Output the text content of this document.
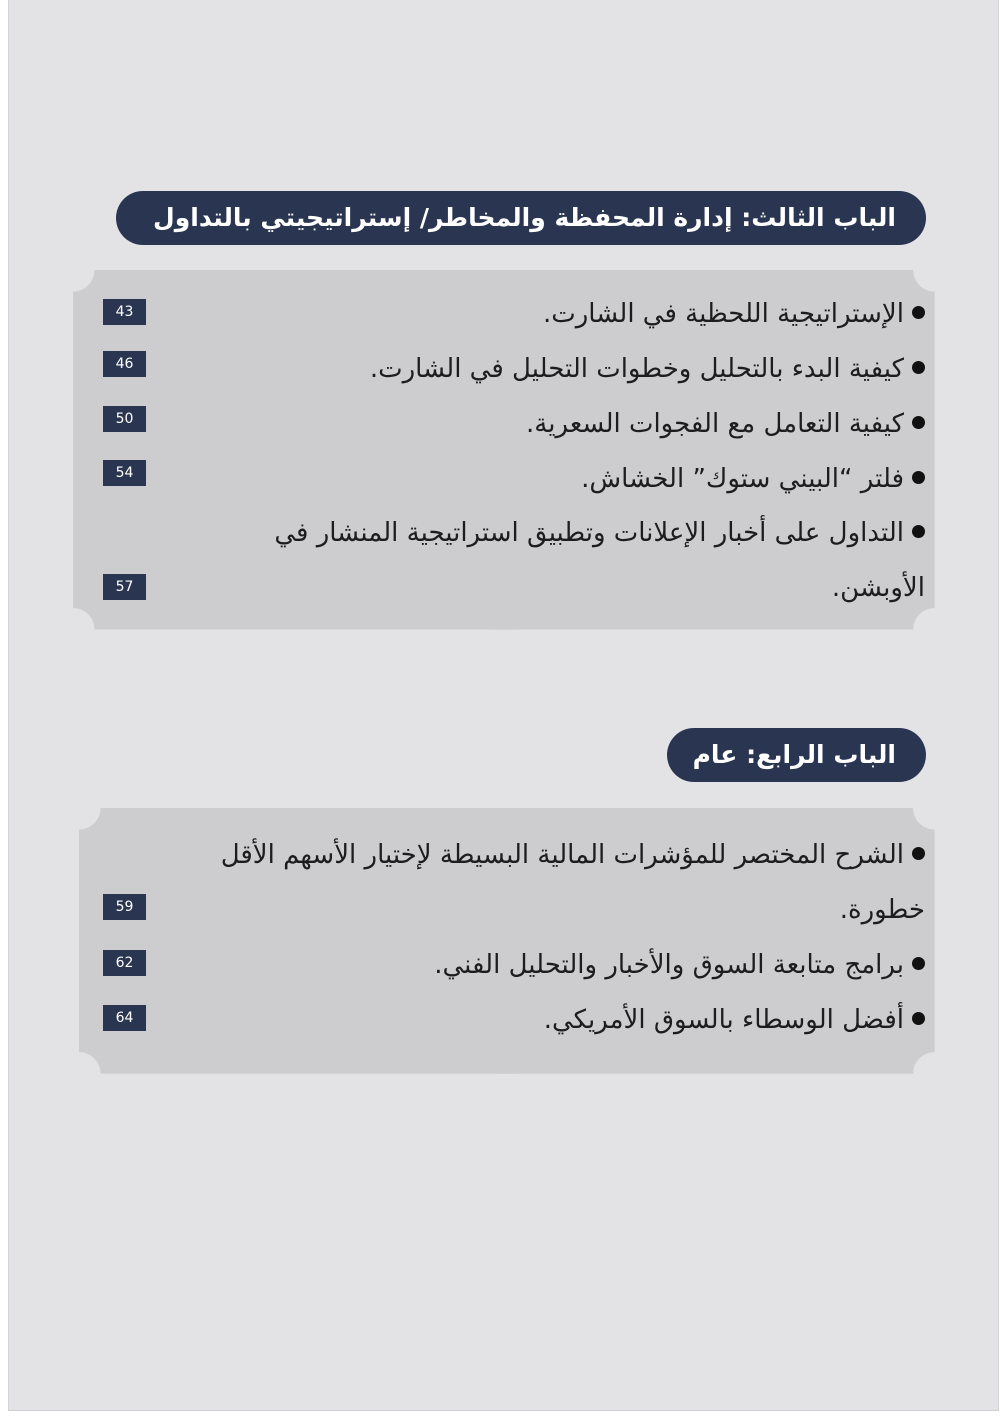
الباب الثالث: إدارة المحفظة والمخاطر/ إستراتيجيتي بالتداول
الإستراتيجية اللحظية في الشارت.
43
كيفية البدء بالتحليل وخطوات التحليل في الشارت.
46
كيفية التعامل مع الفجوات السعرية.
50
فلتر “البيني ستوك” الخشاش.
54
التداول على أخبار الإعلانات وتطبيق استراتيجية المنشار في الأوبشن.
57
الباب الرابع: عام
الشرح المختصر للمؤشرات المالية البسيطة لإختيار الأسهم الأقل خطورة.
59
برامج متابعة السوق والأخبار والتحليل الفني.
62
أفضل الوسطاء بالسوق الأمريكي.
64
